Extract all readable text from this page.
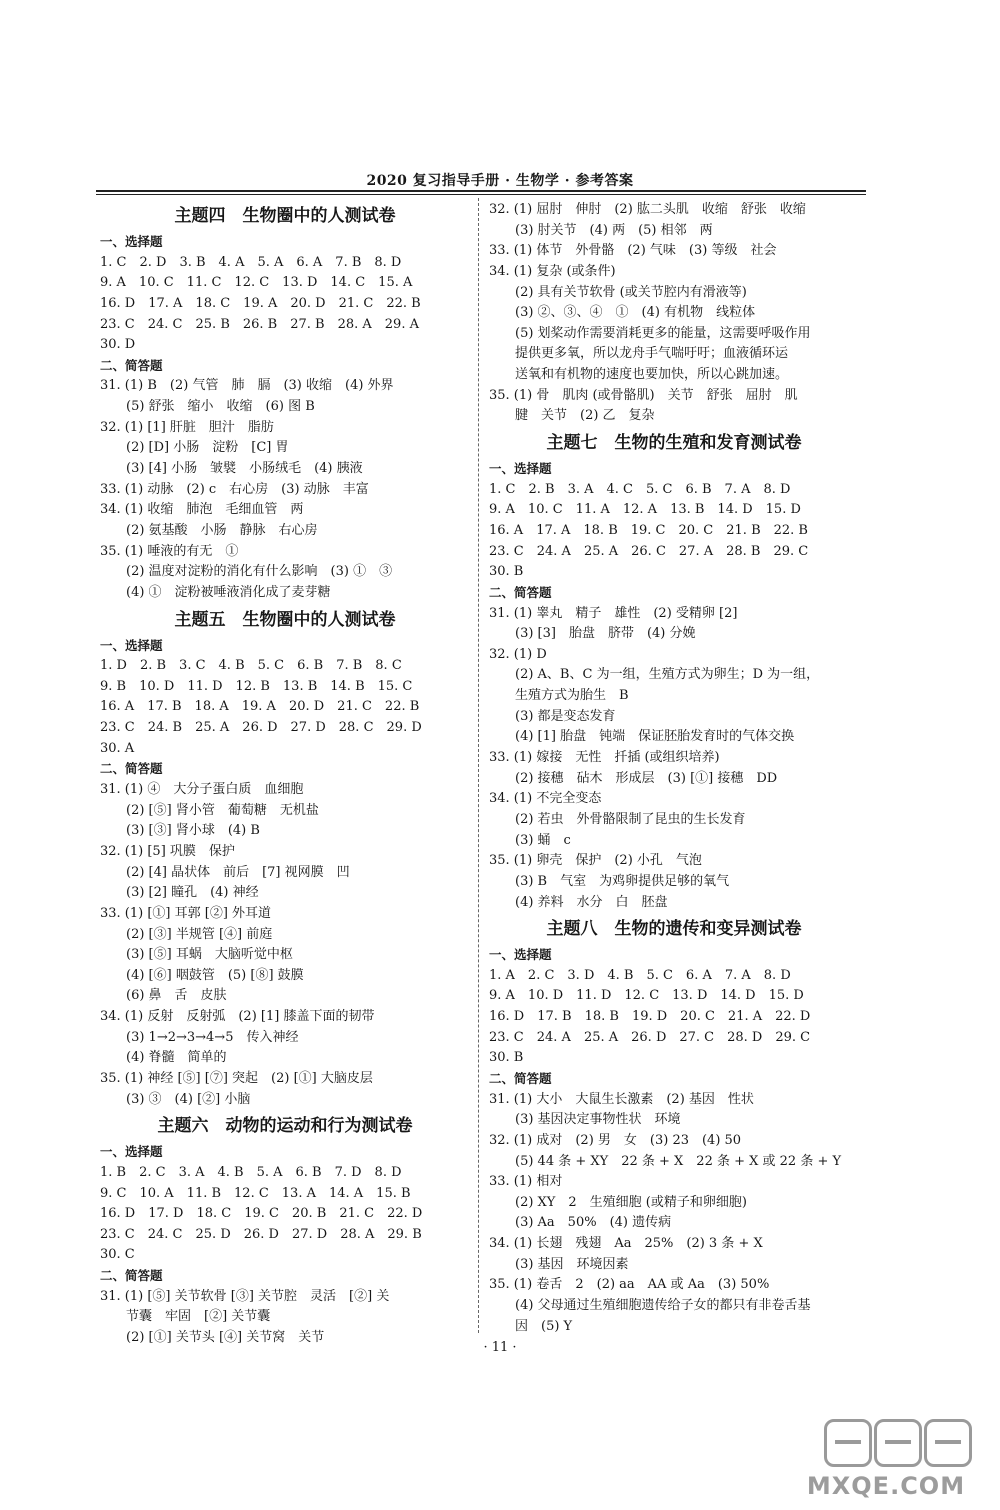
2020 复习指导手册 · 生物学 · 参考答案
主题四　生物圈中的人测试卷
一、选择题
1. C　2. D　3. B　4. A　5. A　6. A　7. B　8. D
9. A　10. C　11. C　12. C　13. D　14. C　15. A
16. D　17. A　18. C　19. A　20. D　21. C　22. B
23. C　24. C　25. B　26. B　27. B　28. A　29. A
30. D
二、简答题
31. (1) B　(2) 气管　肺　膈　(3) 收缩　(4) 外界
　　(5) 舒张　缩小　收缩　(6) 图 B
32. (1) [1] 肝脏　胆汁　脂肪
　　(2) [D] 小肠　淀粉　[C] 胃
　　(3) [4] 小肠　皱襞　小肠绒毛　(4) 胰液
33. (1) 动脉　(2) c　右心房　(3) 动脉　丰富
34. (1) 收缩　肺泡　毛细血管　两
　　(2) 氨基酸　小肠　静脉　右心房
35. (1) 唾液的有无　①
　　(2) 温度对淀粉的消化有什么影响　(3) ①　③
　　(4) ①　淀粉被唾液消化成了麦芽糖
主题五　生物圈中的人测试卷
一、选择题
1. D　2. B　3. C　4. B　5. C　6. B　7. B　8. C
9. B　10. D　11. D　12. B　13. B　14. B　15. C
16. A　17. B　18. A　19. A　20. D　21. C　22. B
23. C　24. B　25. A　26. D　27. D　28. C　29. D
30. A
二、简答题
31. (1) ④　大分子蛋白质　血细胞
　　(2) [⑤] 肾小管　葡萄糖　无机盐
　　(3) [③] 肾小球　(4) B
32. (1) [5] 巩膜　保护
　　(2) [4] 晶状体　前后　[7] 视网膜　凹
　　(3) [2] 瞳孔　(4) 神经
33. (1) [①] 耳郭 [②] 外耳道
　　(2) [③] 半规管 [④] 前庭
　　(3) [⑤] 耳蜗　大脑听觉中枢
　　(4) [⑥] 咽鼓管　(5) [⑧] 鼓膜
　　(6) 鼻　舌　皮肤
34. (1) 反射　反射弧　(2) [1] 膝盖下面的韧带
　　(3) 1→2→3→4→5　传入神经
　　(4) 脊髓　简单的
35. (1) 神经 [⑤] [⑦] 突起　(2) [①] 大脑皮层
　　(3) ③　(4) [②] 小脑
主题六　动物的运动和行为测试卷
一、选择题
1. B　2. C　3. A　4. B　5. A　6. B　7. D　8. D
9. C　10. A　11. B　12. C　13. A　14. A　15. B
16. D　17. D　18. C　19. C　20. B　21. C　22. D
23. C　24. C　25. D　26. D　27. D　28. A　29. B
30. C
二、简答题
31. (1) [⑤] 关节软骨 [③] 关节腔　灵活　[②] 关
　　节囊　牢固　[②] 关节囊
　　(2) [①] 关节头 [④] 关节窝　关节
32. (1) 屈肘　伸肘　(2) 肱二头肌　收缩　舒张　收缩
　　(3) 肘关节　(4) 两　(5) 相邻　两
33. (1) 体节　外骨骼　(2) 气味　(3) 等级　社会
34. (1) 复杂 (或条件)
　　(2) 具有关节软骨 (或关节腔内有滑液等)
　　(3) ②、③、④　①　(4) 有机物　线粒体
　　(5) 划桨动作需要消耗更多的能量，这需要呼吸作用
　　提供更多氧，所以龙舟手气喘吁吁；血液循环运
　　送氧和有机物的速度也要加快，所以心跳加速。
35. (1) 骨　肌肉 (或骨骼肌)　关节　舒张　屈肘　肌
　　腱　关节　(2) 乙　复杂
主题七　生物的生殖和发育测试卷
一、选择题
1. C　2. B　3. A　4. C　5. C　6. B　7. A　8. D
9. A　10. C　11. A　12. A　13. B　14. D　15. D
16. A　17. A　18. B　19. C　20. C　21. B　22. B
23. C　24. A　25. A　26. C　27. A　28. B　29. C
30. B
二、简答题
31. (1) 睾丸　精子　雄性　(2) 受精卵 [2]
　　(3) [3]　胎盘　脐带　(4) 分娩
32. (1) D
　　(2) A、B、C 为一组，生殖方式为卵生；D 为一组，
　　生殖方式为胎生　B
　　(3) 都是变态发育
　　(4) [1] 胎盘　钝端　保证胚胎发育时的气体交换
33. (1) 嫁接　无性　扦插 (或组织培养)
　　(2) 接穗　砧木　形成层　(3) [①] 接穗　DD
34. (1) 不完全变态
　　(2) 若虫　外骨骼限制了昆虫的生长发育
　　(3) 蛹　c
35. (1) 卵壳　保护　(2) 小孔　气泡
　　(3) B　气室　为鸡卵提供足够的氧气
　　(4) 养料　水分　白　胚盘
主题八　生物的遗传和变异测试卷
一、选择题
1. A　2. C　3. D　4. B　5. C　6. A　7. A　8. D
9. A　10. D　11. D　12. C　13. D　14. D　15. D
16. D　17. B　18. B　19. D　20. C　21. A　22. D
23. C　24. A　25. A　26. D　27. C　28. D　29. C
30. B
二、简答题
31. (1) 大小　大鼠生长激素　(2) 基因　性状
　　(3) 基因决定事物性状　环境
32. (1) 成对　(2) 男　女　(3) 23　(4) 50
　　(5) 44 条 + XY　22 条 + X　22 条 + X 或 22 条 + Y
33. (1) 相对
　　(2) XY　2　生殖细胞 (或精子和卵细胞)
　　(3) Aa　50%　(4) 遗传病
34. (1) 长翅　残翅　Aa　25%　(2) 3 条 + X
　　(3) 基因　环境因素
35. (1) 卷舌　2　(2) aa　AA 或 Aa　(3) 50%
　　(4) 父母通过生殖细胞遗传给子女的都只有非卷舌基
　　因　(5) Y
· 11 ·
MXQE.COM
